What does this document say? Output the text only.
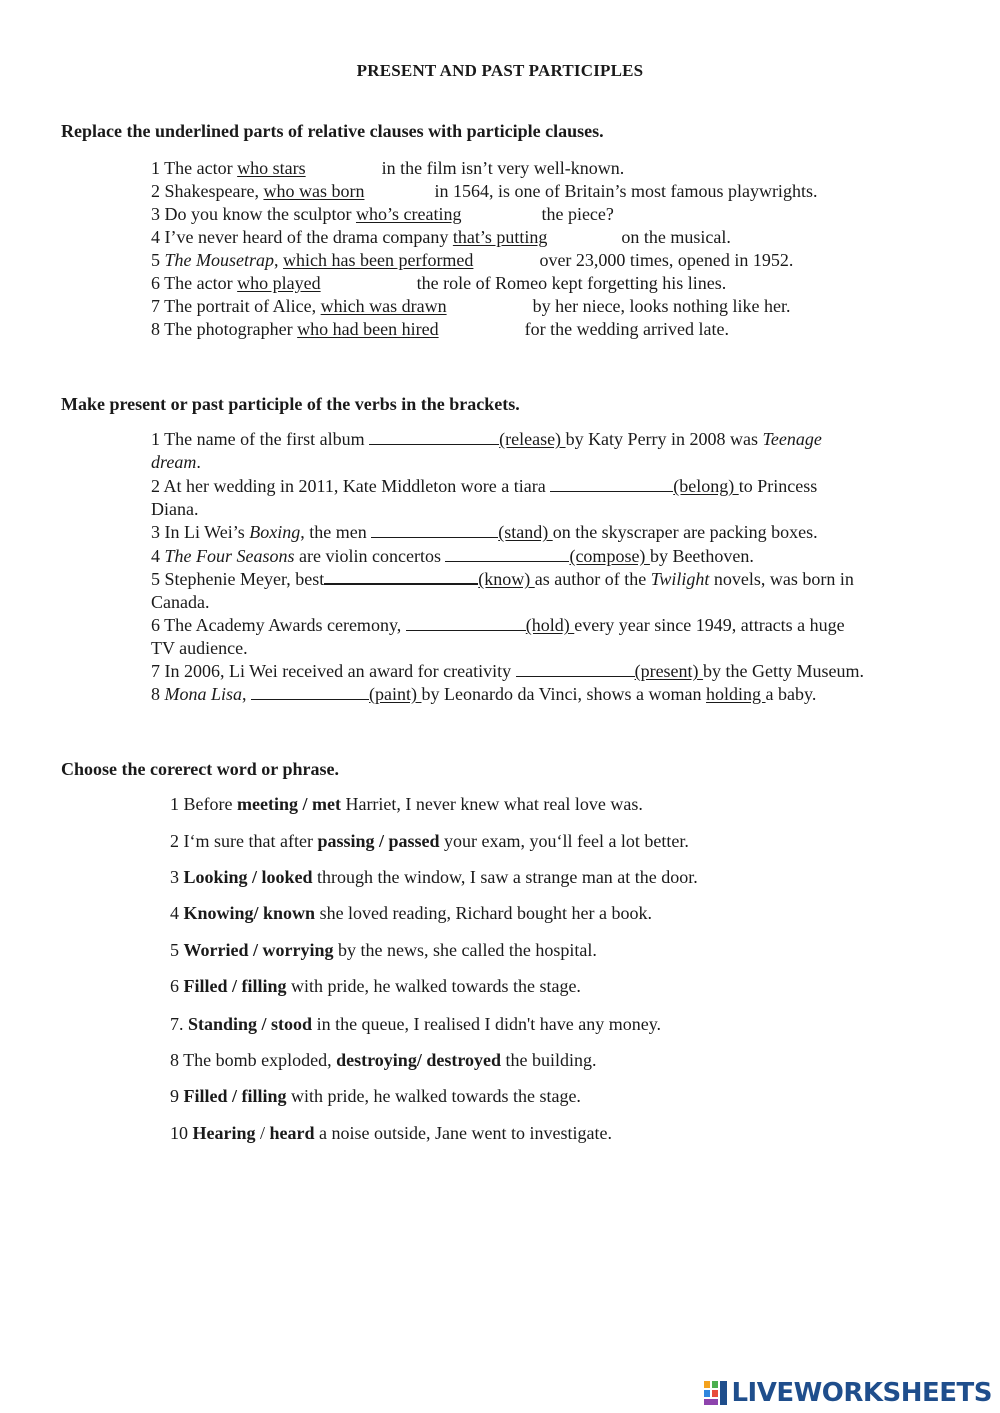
PRESENT AND PAST PARTICIPLES
Replace the underlined parts of relative clauses with participle clauses.
1 The actor who stars	in the film isn’t very well-known.
2 Shakespeare, who was born	in 1564, is one of Britain’s most famous playwrights.
3 Do you know the sculptor who’s creating	the piece?
4 I’ve never heard of the drama company that’s putting	on the musical.
5 The Mousetrap, which has been performed	over 23,000 times, opened in 1952.
6 The actor who played	the role of Romeo kept forgetting his lines.
7 The portrait of Alice, which was drawn	by her niece, looks nothing like her.
8 The photographer who had been hired	for the wedding arrived late.
Make present or past participle of the verbs in the brackets.
1 The name of the first album	(release) by Katy Perry in 2008 was Teenage
dream.
2 At her wedding in 2011, Kate Middleton wore a tiara	(belong) to Princess
Diana.
3 In Li Wei’s Boxing, the men	(stand) on the skyscraper are packing boxes.
4 The Four Seasons are violin concertos	(compose) by Beethoven.
5 Stephenie Meyer, best	(know) as author of the Twilight novels, was born in
Canada.
6 The Academy Awards ceremony,	(hold) every year since 1949, attracts a huge
TV audience.
7 In 2006, Li Wei received an award for creativity	(present) by the Getty Museum.
8 Mona Lisa,	(paint) by Leonardo da Vinci, shows a woman holding a baby.
Choose the corerect word or phrase.
1 Before meeting / met Harriet, I never knew what real love was.
2 I‘m sure that after passing / passed your exam, you‘ll feel a lot better.
3 Looking / looked through the window, I saw a strange man at the door.
4 Knowing/ known she loved reading, Richard bought her a book.
5 Worried / worrying by the news, she called the hospital.
6 Filled / filling with pride, he walked towards the stage.
7. Standing / stood in the queue, I realised I didn't have any money.
8 The bomb exploded, destroying/ destroyed the building.
9 Filled / filling with pride, he walked towards the stage.
10 Hearing / heard a noise outside, Jane went to investigate.
LIVEWORKSHEETS
